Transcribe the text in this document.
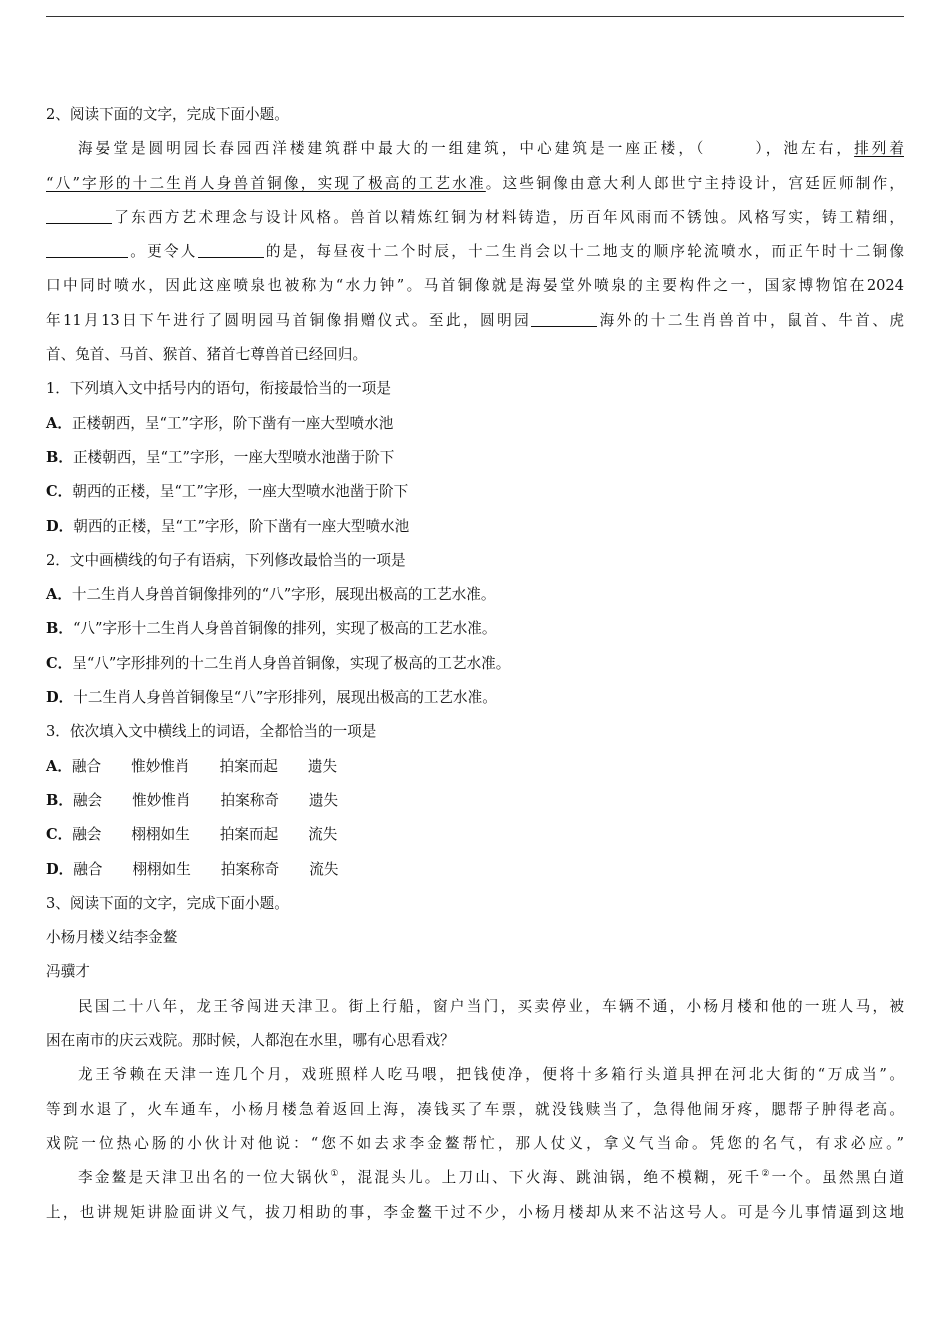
2、阅读下面的文字，完成下面小题。
海晏堂是圆明园长春园西洋楼建筑群中最大的一组建筑，中心建筑是一座正楼，（	），池左右，排列着
“八”字形的十二生肖人身兽首铜像，实现了极高的工艺水准。这些铜像由意大利人郎世宁主持设计，宫廷匠师制作，
了东西方艺术理念与设计风格。兽首以精炼红铜为材料铸造，历百年风雨而不锈蚀。风格写实，铸工精细，
。更令人	的是，每昼夜十二个时辰，十二生肖会以十二地支的顺序轮流喷水，而正午时十二铜像
口中同时喷水，因此这座喷泉也被称为“水力钟”。马首铜像就是海晏堂外喷泉的主要构件之一，国家博物馆在2024
年11月13日下午进行了圆明园马首铜像捐赠仪式。至此，圆明园	海外的十二生肖兽首中，鼠首、牛首、虎
首、兔首、马首、猴首、猪首七尊兽首已经回归。
1．下列填入文中括号内的语句，衔接最恰当的一项是
A．正楼朝西，呈“工”字形，阶下凿有一座大型喷水池
B．正楼朝西，呈“工”字形，一座大型喷水池凿于阶下
C．朝西的正楼，呈“工”字形，一座大型喷水池凿于阶下
D．朝西的正楼，呈“工”字形，阶下凿有一座大型喷水池
2．文中画横线的句子有语病，下列修改最恰当的一项是
A．十二生肖人身兽首铜像排列的“八”字形，展现出极高的工艺水准。
B．“八”字形十二生肖人身兽首铜像的排列，实现了极高的工艺水准。
C．呈“八”字形排列的十二生肖人身兽首铜像，实现了极高的工艺水准。
D．十二生肖人身兽首铜像呈“八”字形排列，展现出极高的工艺水准。
3．依次填入文中横线上的词语，全都恰当的一项是
A．融合 惟妙惟肖 拍案而起 遗失
B．融会 惟妙惟肖 拍案称奇 遗失
C．融会 栩栩如生 拍案而起 流失
D．融合 栩栩如生 拍案称奇 流失
3、阅读下面的文字，完成下面小题。
小杨月楼义结李金鳌
冯骥才
民国二十八年，龙王爷闯进天津卫。街上行船，窗户当门，买卖停业，车辆不通，小杨月楼和他的一班人马，被
困在南市的庆云戏院。那时候，人都泡在水里，哪有心思看戏？
龙王爷赖在天津一连几个月，戏班照样人吃马喂，把钱使净，便将十多箱行头道具押在河北大街的“万成当”。
等到水退了，火车通车，小杨月楼急着返回上海，凑钱买了车票，就没钱赎当了，急得他闹牙疼，腮帮子肿得老高。
戏院一位热心肠的小伙计对他说：“您不如去求李金鳌帮忙，那人仗义，拿义气当命。凭您的名气，有求必应。”
李金鳌是天津卫出名的一位大锅伙①，混混头儿。上刀山、下火海、跳油锅，绝不模糊，死千②一个。虽然黑白道
上，也讲规矩讲脸面讲义气，拔刀相助的事，李金鳌干过不少，小杨月楼却从来不沾这号人。可是今儿事情逼到这地
